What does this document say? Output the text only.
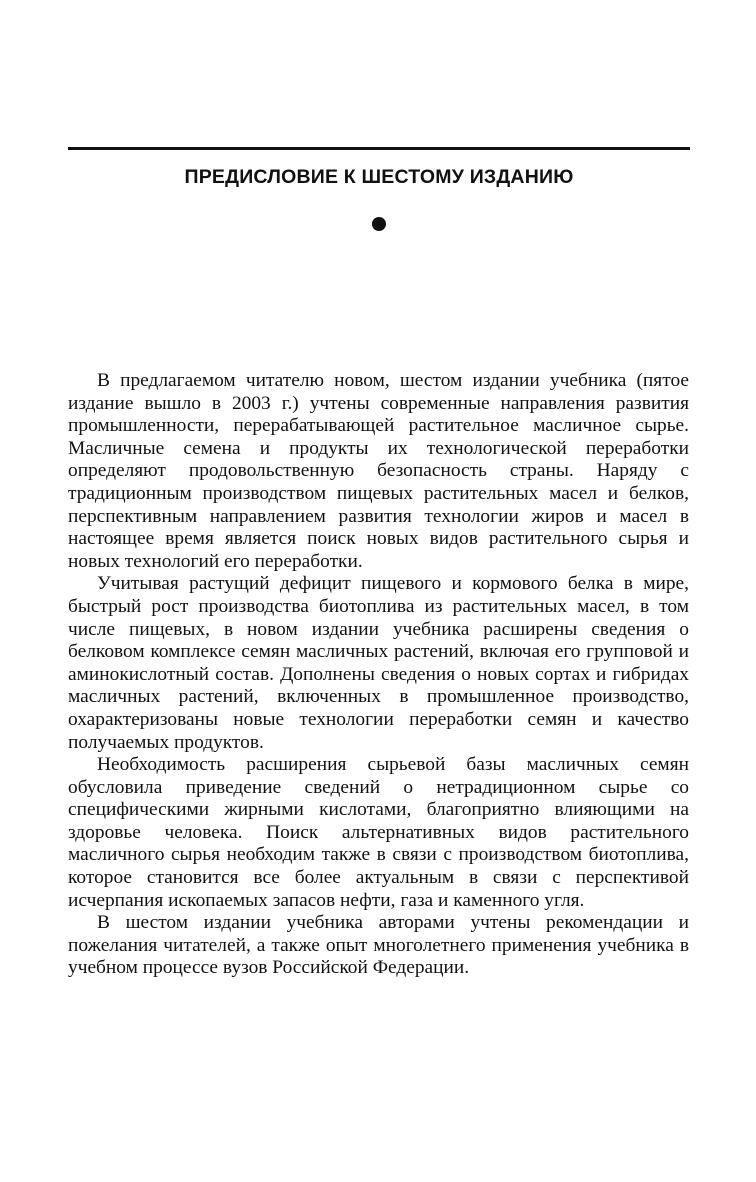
ПРЕДИСЛОВИЕ К ШЕСТОМУ ИЗДАНИЮ

В предлагаемом читателю новом, шестом издании учебника (пятое издание вышло в 2003 г.) учтены современные направления развития промышленности, перерабатывающей растительное масличное сырье. Масличные семена и продукты их технологической переработки определяют продовольственную безопасность страны. Наряду с традиционным производством пищевых растительных масел и белков, перспективным направлением развития технологии жиров и масел в настоящее время является поиск новых видов растительного сырья и новых технологий его переработки.

Учитывая растущий дефицит пищевого и кормового белка в мире, быстрый рост производства биотоплива из растительных масел, в том числе пищевых, в новом издании учебника расширены сведения о белковом комплексе семян масличных растений, включая его групповой и аминокислотный состав. Дополнены сведения о новых сортах и гибридах масличных растений, включенных в промышленное производство, охарактеризованы новые технологии переработки семян и качество получаемых продуктов.

Необходимость расширения сырьевой базы масличных семян обусловила приведение сведений о нетрадиционном сырье со специфическими жирными кислотами, благоприятно влияющими на здоровье человека. Поиск альтернативных видов растительного масличного сырья необходим также в связи с производством биотоплива, которое становится все более актуальным в связи с перспективой исчерпания ископаемых запасов нефти, газа и каменного угля.

В шестом издании учебника авторами учтены рекомендации и пожелания читателей, а также опыт многолетнего применения учебника в учебном процессе вузов Российской Федерации.
